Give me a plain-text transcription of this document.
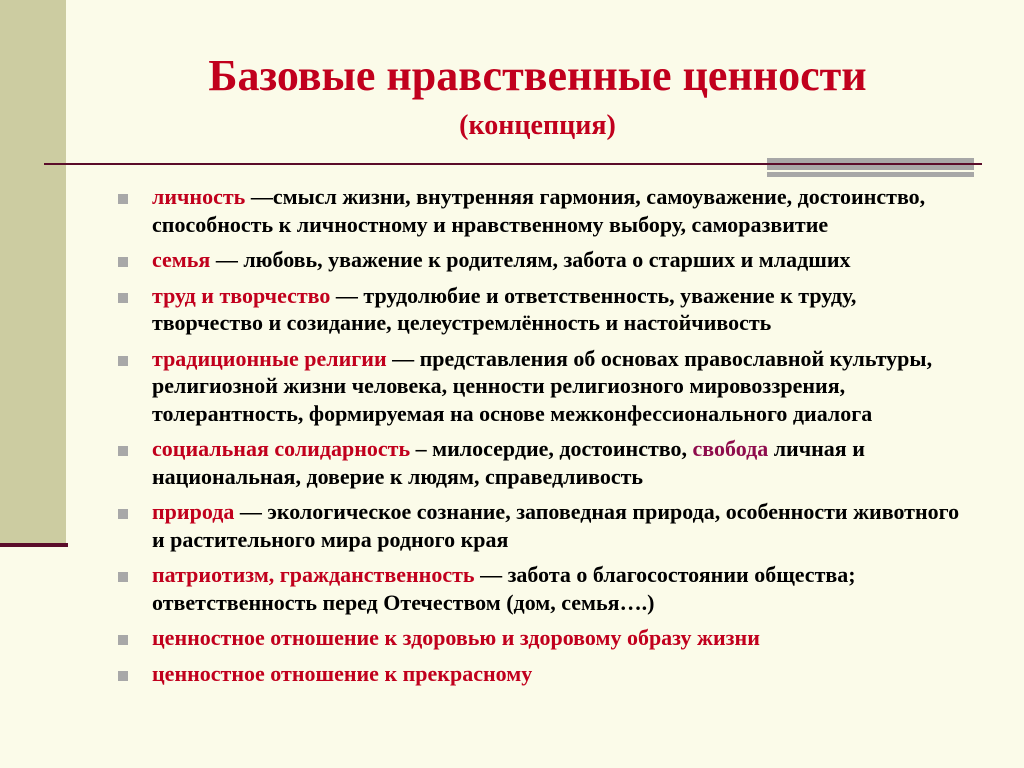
Базовые нравственные ценности
(концепция)
личность —смысл жизни, внутренняя гармония, самоуважение, достоинство, способность к личностному и нравственному выбору, саморазвитие
семья — любовь, уважение к родителям, забота о старших и младших
труд и творчество — трудолюбие и ответственность, уважение к труду, творчество и созидание, целеустремлённость и настойчивость
традиционные религии — представления об основах православной культуры, религиозной жизни человека, ценности религиозного мировоззрения, толерантность, формируемая на основе межконфессионального диалога
социальная солидарность – милосердие, достоинство, свобода личная и национальная, доверие к людям, справедливость
природа — экологическое сознание, заповедная природа, особенности животного и растительного мира родного края
патриотизм, гражданственность — забота о благосостоянии общества; ответственность перед Отечеством (дом, семья….)
ценностное отношение к здоровью и здоровому образу жизни
ценностное отношение к прекрасному
